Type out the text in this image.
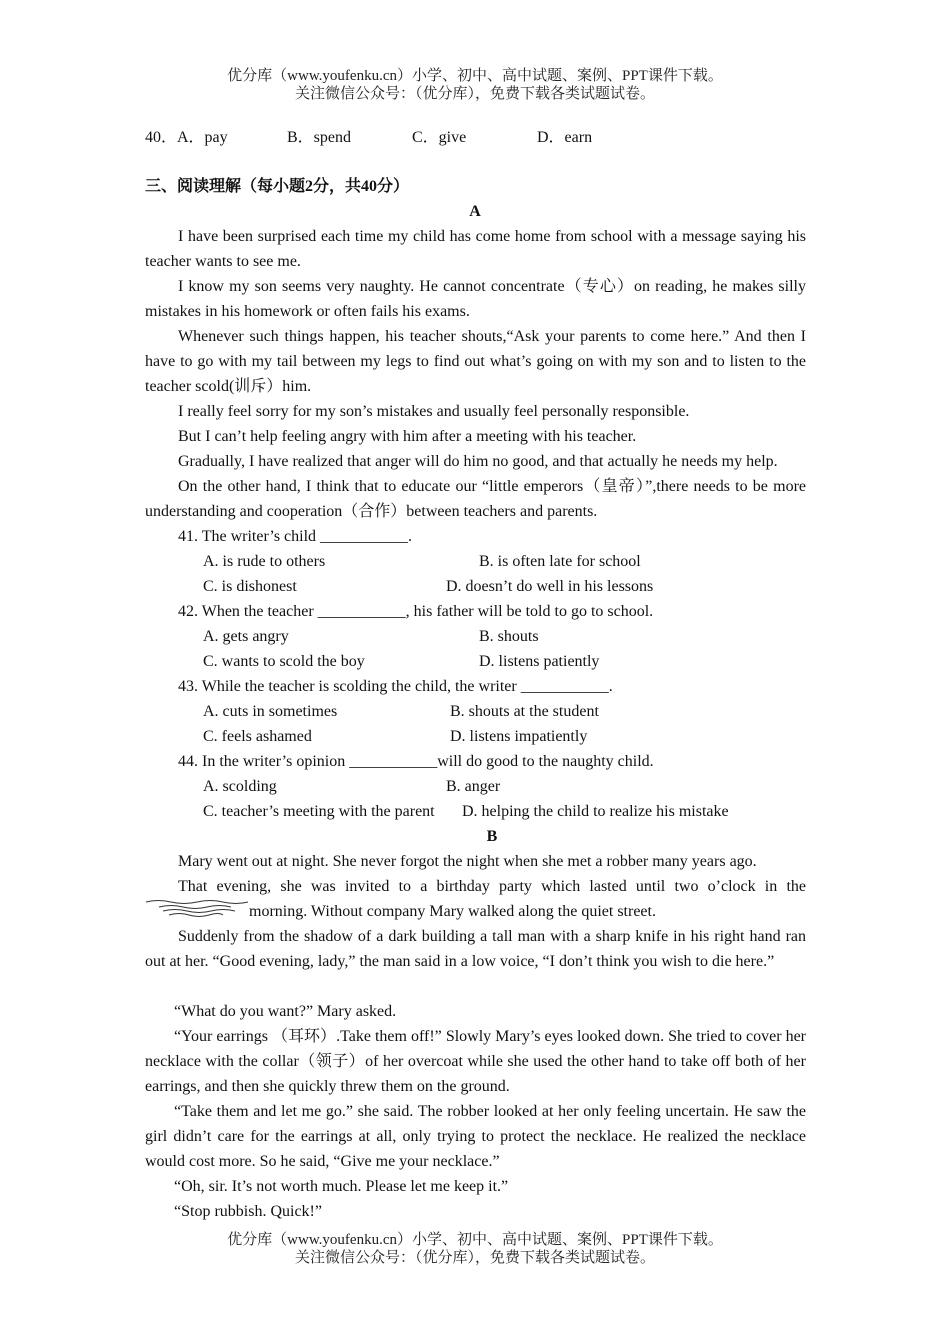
优分库（www.youfenku.cn）小学、初中、高中试题、案例、PPT课件下载。
关注微信公众号：（优分库），免费下载各类试题试卷。
40． A．pay	B．spend	C．give	D．earn
三、阅读理解（每小题2分，共40分）
A
I have been surprised each time my child has come home from school with a message saying his teacher wants to see me.
I know my son seems very naughty. He cannot concentrate（专心）on reading, he makes silly mistakes in his homework or often fails his exams.
Whenever such things happen, his teacher shouts,“Ask your parents to come here.” And then I have to go with my tail between my legs to find out what’s going on with my son and to listen to the teacher scold(训斥）him.
I really feel sorry for my son’s mistakes and usually feel personally responsible.
But I can’t help feeling angry with him after a meeting with his teacher.
Gradually, I have realized that anger will do him no good, and that actually he needs my help.
On the other hand, I think that to educate our “little emperors（皇帝）”,there needs to be more understanding and cooperation（合作）between teachers and parents.
41. The writer’s child ___________.
A. is rude to others	B. is often late for school
C. is dishonest	D. doesn’t do well in his lessons
42. When the teacher ___________, his father will be told to go to school.
A. gets angry	B. shouts
C. wants to scold the boy	D. listens patiently
43. While the teacher is scolding the child, the writer ___________.
A. cuts in sometimes	B. shouts at the student
C. feels ashamed	D. listens impatiently
44. In the writer’s opinion ___________will do good to the naughty child.
A. scolding	B. anger
C. teacher’s meeting with the parent D. helping the child to realize his mistake
B
Mary went out at night. She never forgot the night when she met a robber many years ago.
That evening, she was invited to a birthday party which lasted until two o’clock in the
morning. Without company Mary walked along the quiet street.
Suddenly from the shadow of a dark building a tall man with a sharp knife in his right hand ran out at her. “Good evening, lady,” the man said in a low voice, “I don’t think you wish to die here.”
“What do you want?” Mary asked.
“Your earrings （耳环）.Take them off!” Slowly Mary’s eyes looked down. She tried to cover her necklace with the collar（领子）of her overcoat while she used the other hand to take off both of her earrings, and then she quickly threw them on the ground.
“Take them and let me go.” she said. The robber looked at her only feeling uncertain. He saw the girl didn’t care for the earrings at all, only trying to protect the necklace. He realized the necklace would cost more. So he said, “Give me your necklace.”
“Oh, sir. It’s not worth much. Please let me keep it.”
“Stop rubbish. Quick!”
优分库（www.youfenku.cn）小学、初中、高中试题、案例、PPT课件下载。
关注微信公众号：（优分库），免费下载各类试题试卷。
